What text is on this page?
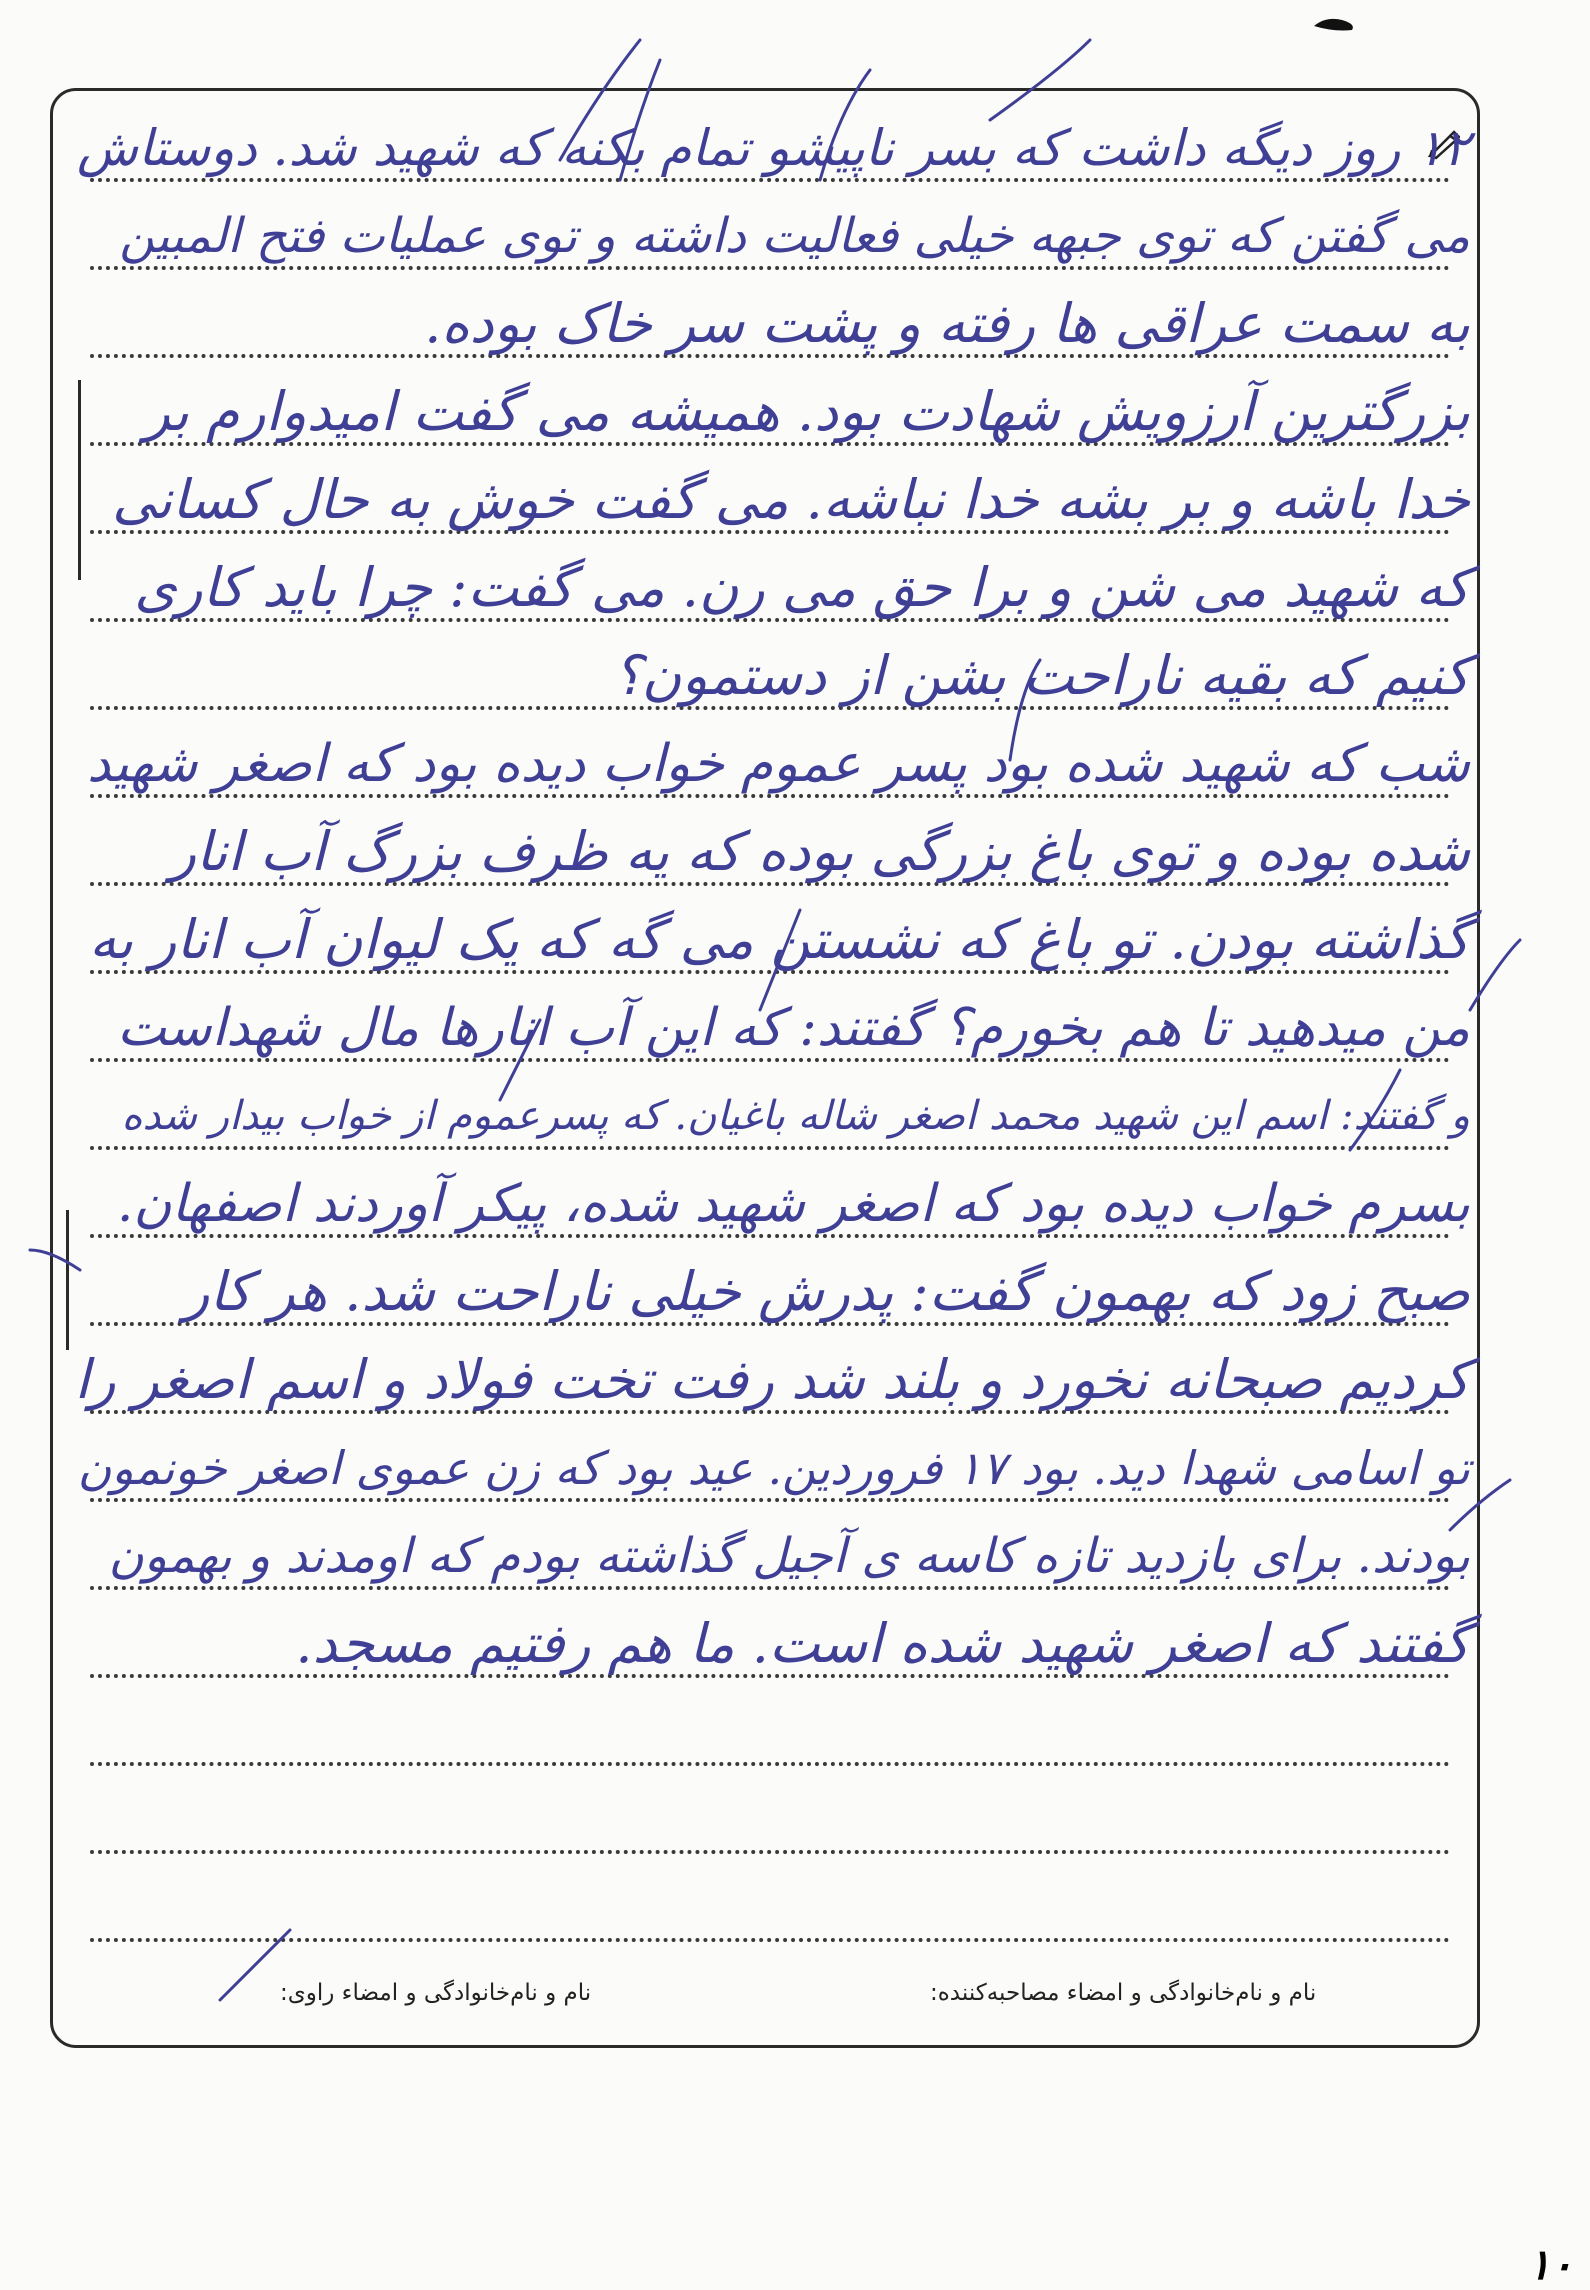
۱۲ روز دیگه داشت که بسر ناپیشو تمام بکنه که شهید شد. دوستاش
می گفتن که توی جبهه خیلی فعالیت داشته و توی عملیات فتح المبین
به سمت عراقی ها رفته و پشت سر خاک بوده.
بزرگترین آرزویش شهادت بود. همیشه می گفت امیدوارم بر
خدا باشه و بر بشه خدا نباشه. می گفت خوش به حال کسانی
که شهید می شن و برا حق می رن. می گفت: چرا باید کاری
کنیم که بقیه ناراحت بشن از دستمون؟
شب که شهید شده بود پسر عموم خواب دیده بود که اصغر شهید
شده بوده و توی باغ بزرگی بوده که یه ظرف بزرگ آب انار
گذاشته بودن. تو باغ که نشستن می گه که یک لیوان آب انار به
من میدهید تا هم بخورم؟ گفتند: که این آب انارها مال شهداست
و گفتند: اسم این شهید محمد اصغر شاله باغیان. که پسرعموم از خواب بیدار شده
بسرم خواب دیده بود که اصغر شهید شده، پیکر آوردند اصفهان.
صبح زود که بهمون گفت: پدرش خیلی ناراحت شد. هر کار
کردیم صبحانه نخورد و بلند شد رفت تخت فولاد و اسم اصغر را
تو اسامی شهدا دید. بود ۱۷ فروردین. عید بود که زن عموی اصغر خونمون
بودند. برای بازدید تازه کاسه ی آجیل گذاشته بودم که اومدند و بهمون
گفتند که اصغر شهید شده است. ما هم رفتیم مسجد.
نام و نام‌خانوادگی و امضاء راوی:	نام و نام‌خانوادگی و امضاء مصاحبه‌کننده:
۱۰
